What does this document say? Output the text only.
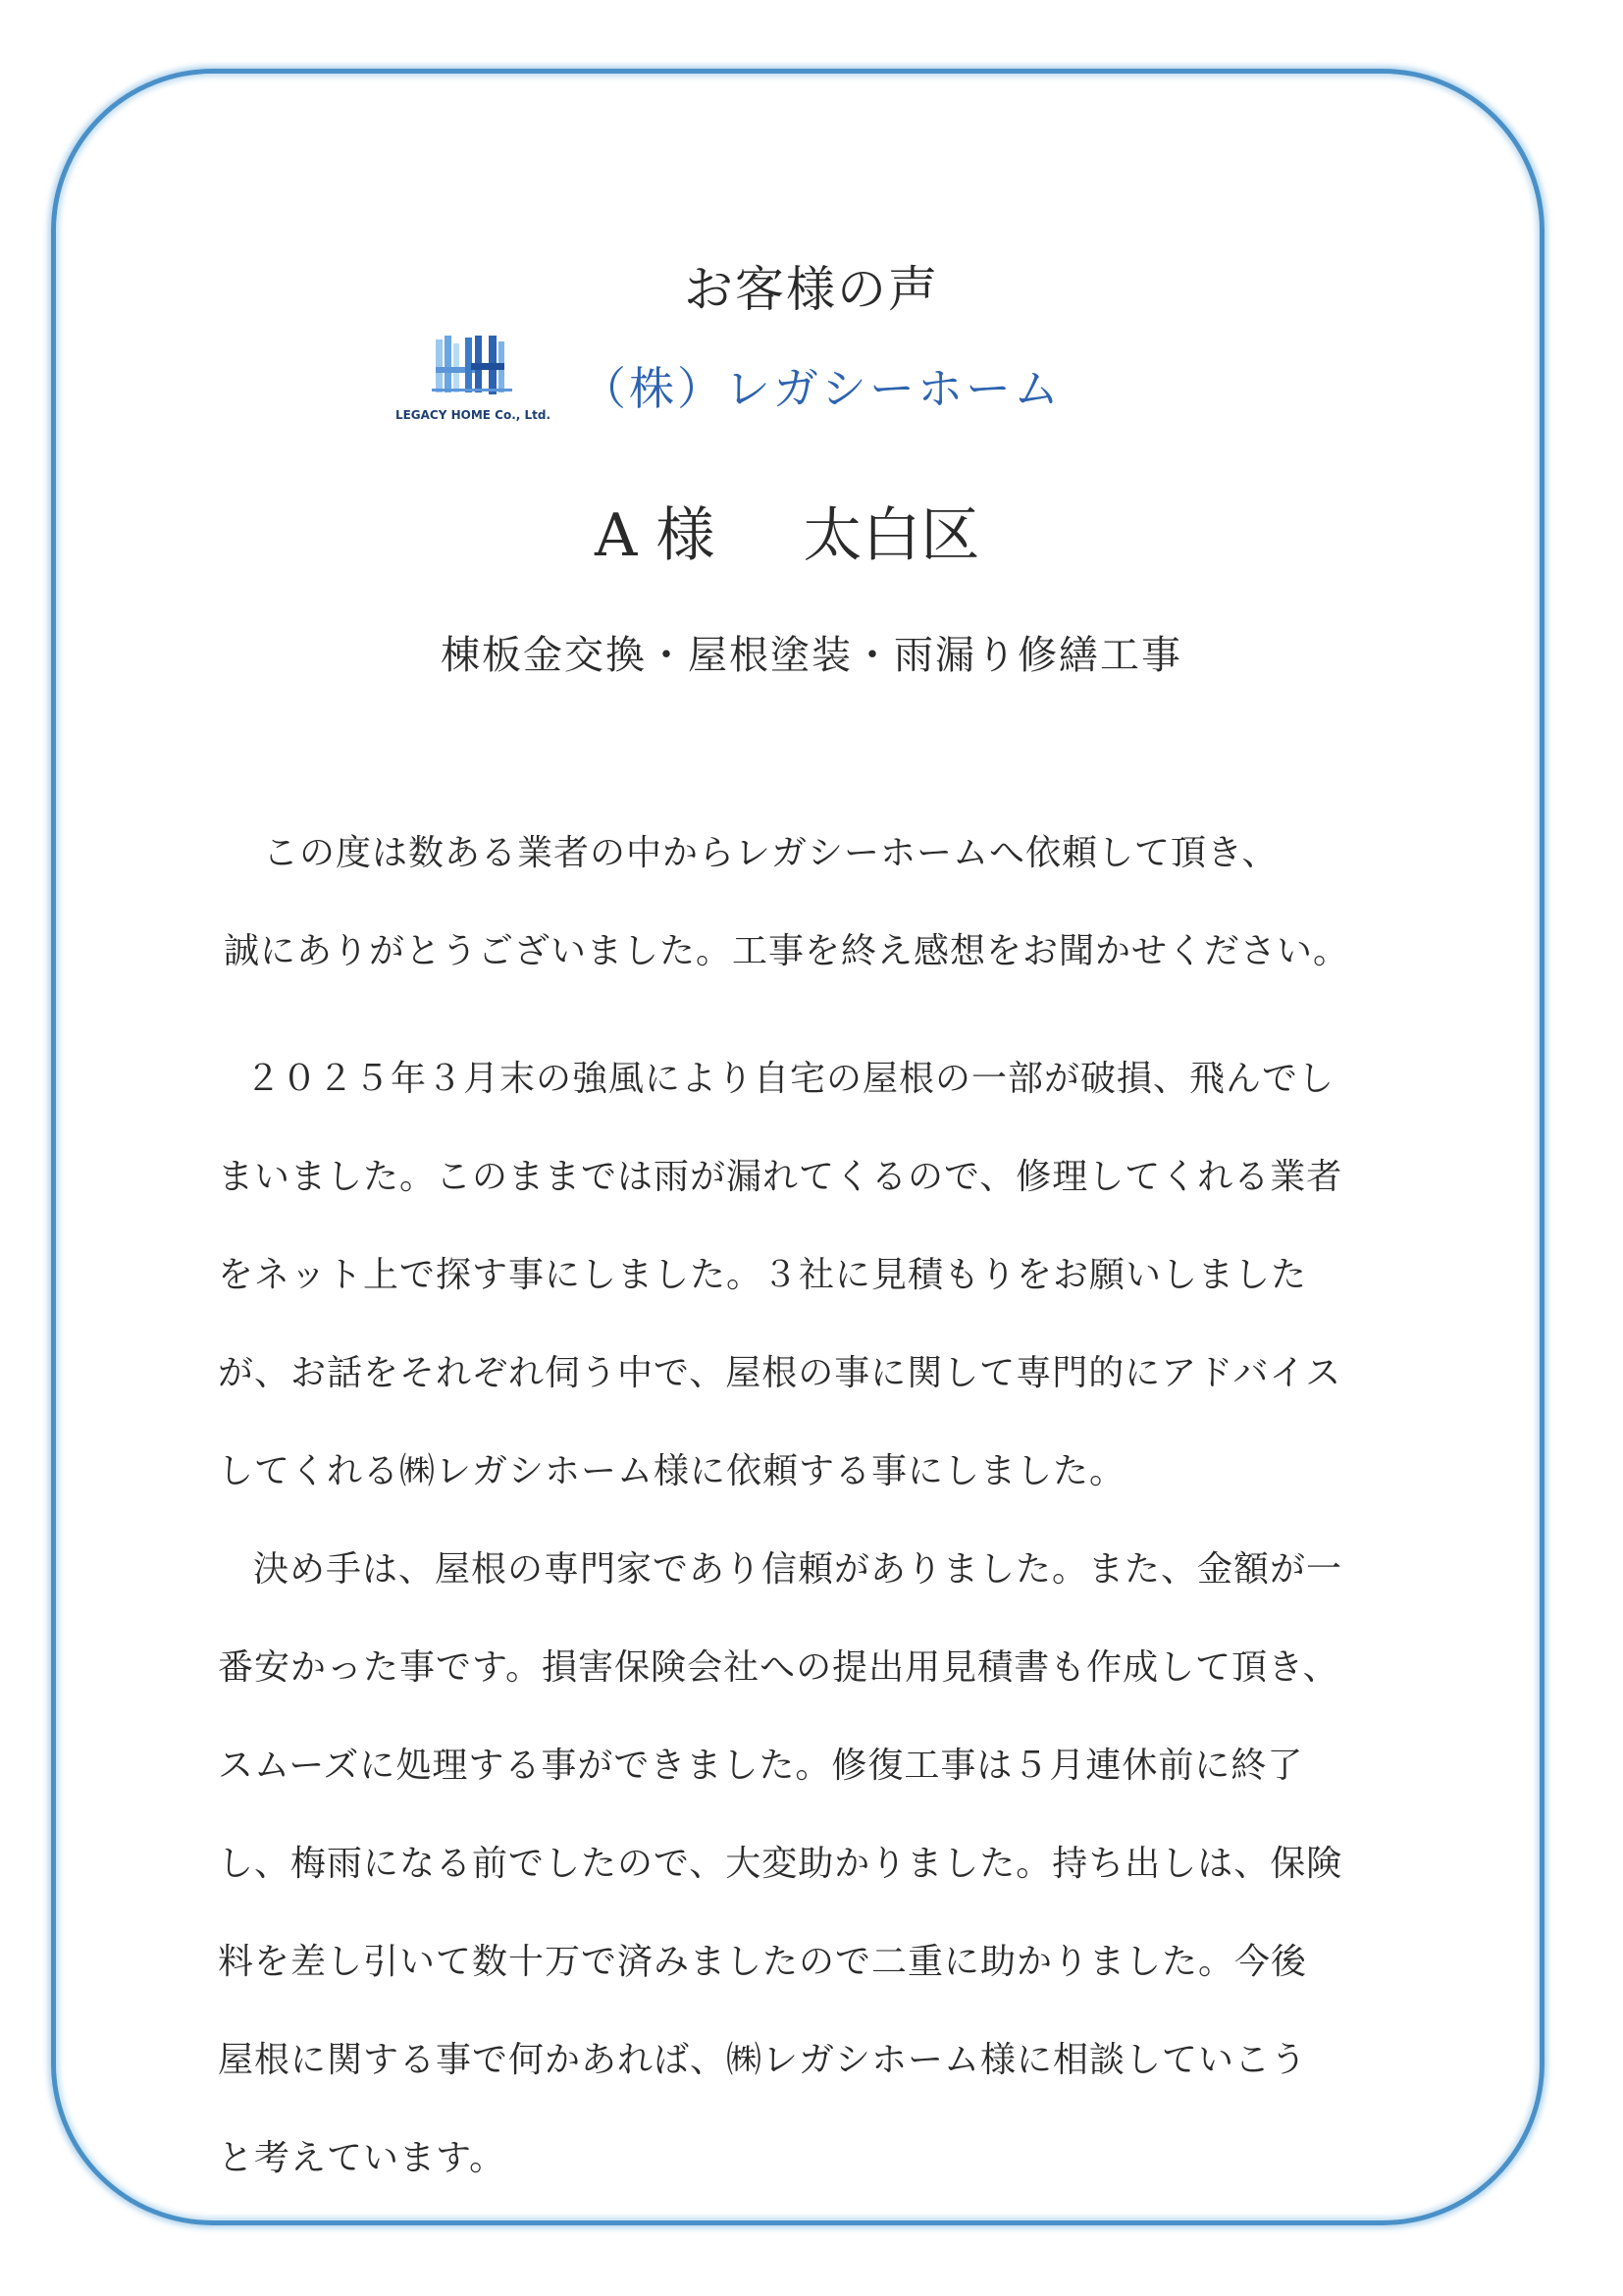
お客様の声
LEGACY HOME Co., Ltd. （株）レガシーホーム
A 様 太白区
棟板金交換・屋根塗装・雨漏り修繕工事
この度は数ある業者の中からレガシーホームへ依頼して頂き、
誠にありがとうございました。工事を終え感想をお聞かせください。
２０２５年３月末の強風により自宅の屋根の一部が破損、飛んでし
まいました。このままでは雨が漏れてくるので、修理してくれる業者
をネット上で探す事にしました。３社に見積もりをお願いしました
が、お話をそれぞれ伺う中で、屋根の事に関して専門的にアドバイス
してくれる㈱レガシホーム様に依頼する事にしました。
決め手は、屋根の専門家であり信頼がありました。また、金額が一
番安かった事です。損害保険会社への提出用見積書も作成して頂き、
スムーズに処理する事ができました。修復工事は５月連休前に終了
し、梅雨になる前でしたので、大変助かりました。持ち出しは、保険
料を差し引いて数十万で済みましたので二重に助かりました。今後
屋根に関する事で何かあれば、㈱レガシホーム様に相談していこう
と考えています。
